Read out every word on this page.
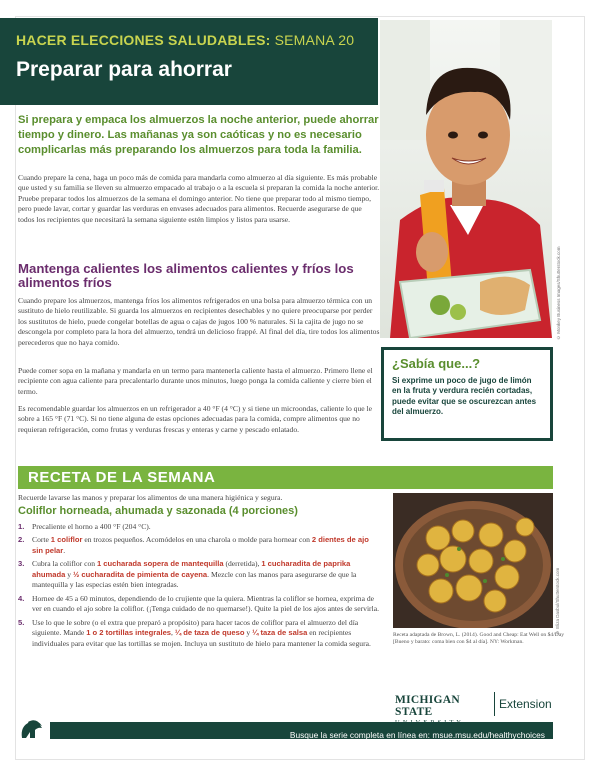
HACER ELECCIONES SALUDABLES: SEMANA 20
Preparar para ahorrar
© Monkey Business Images/Shutterstock.com
Si prepara y empaca los almuerzos la noche anterior, puede ahorrar tiempo y dinero. Las mañanas ya son caóticas y no es necesario complicarlas más preparando los almuerzos para toda la familia.
Cuando prepare la cena, haga un poco más de comida para mandarla como almuerzo al día siguiente. Es más probable que usted y su familia se lleven su almuerzo empacado al trabajo o a la escuela si preparan la comida la noche anterior. Pruebe preparar todos los almuerzos de la semana el domingo anterior. No tiene que preparar todo al mismo tiempo, pero puede lavar, cortar y guardar las verduras en envases adecuados para alimentos. Recuerde asegurarse de que todos los recipientes que necesitará la semana siguiente estén limpios y listos para usarse.
Mantenga calientes los alimentos calientes y fríos los alimentos fríos
Cuando prepare los almuerzos, mantenga fríos los alimentos refrigerados en una bolsa para almuerzo térmica con un sustituto de hielo reutilizable. Si guarda los almuerzos en recipientes desechables y no quiere preocuparse por perder los sustitutos de hielo, puede congelar botellas de agua o cajas de jugos 100 % naturales. Si la cajita de jugo no se descongela por completo para la hora del almuerzo, tendrá un delicioso frappé. Al final del día, tire todos los alimentos perecederos que no haya comido.
Puede comer sopa en la mañana y mandarla en un termo para mantenerla caliente hasta el almuerzo. Primero llene el recipiente con agua caliente para precalentarlo durante unos minutos, luego ponga la comida caliente y cierre bien el termo.
Es recomendable guardar los almuerzos en un refrigerador a 40 °F (4 °C) y si tiene un microondas, caliente lo que le sobre a 165 °F (71 °C). Si no tiene alguna de estas opciones adecuadas para la comida, compre alimentos que no requieran refrigeración, como frutas y verduras frescas y enteras y carne y pescado enlatado.
¿Sabía que...?
Si exprime un poco de jugo de limón en la fruta y verdura recién cortadas, puede evitar que se oscurezcan antes del almuerzo.
RECETA DE LA SEMANA
Recuerde lavarse las manos y preparar los alimentos de una manera higiénica y segura.
Coliflor horneada, ahumada y sazonada (4 porciones)
1.	Precaliente el horno a 400 °F (204 °C).
2.	Corte 1 coliflor en trozos pequeños. Acomódelos en una charola o molde para hornear con 2 dientes de ajo sin pelar.
3.	Cubra la coliflor con 1 cucharada sopera de mantequilla (derretida), 1 cucharadita de paprika ahumada y ½ cucharadita de pimienta de cayena. Mezcle con las manos para asegurarse de que la mantequilla y las especias estén bien integradas.
4.	Hornee de 45 a 60 minutos, dependiendo de lo crujiente que la quiera. Mientras la coliflor se hornea, exprima de ver en cuando el ajo sobre la coliflor. (¡Tenga cuidado de no quemarse!). Quite la piel de los ajos antes de servirla.
5.	Use lo que le sobre (o el extra que preparó a propósito) para hacer tacos de coliflor para el almuerzo del día siguiente. Mande 1 o 2 tortillas integrales, ¼ de taza de queso y ¼ taza de salsa en recipientes individuales para evitar que las tortillas se mojen. Incluya un sustituto de hielo para mantener la comida segura.
© Eliza Dasbul/Shutterstock.com
Receta adaptada de Brown, L. (2014). Good and Cheap: Eat Well on $4/Day [Bueno y barato: coma bien con $4 al día]. NY: Workman.
MICHIGAN STATE
Extension
Busque la serie completa en línea en: msue.msu.edu/healthychoices
